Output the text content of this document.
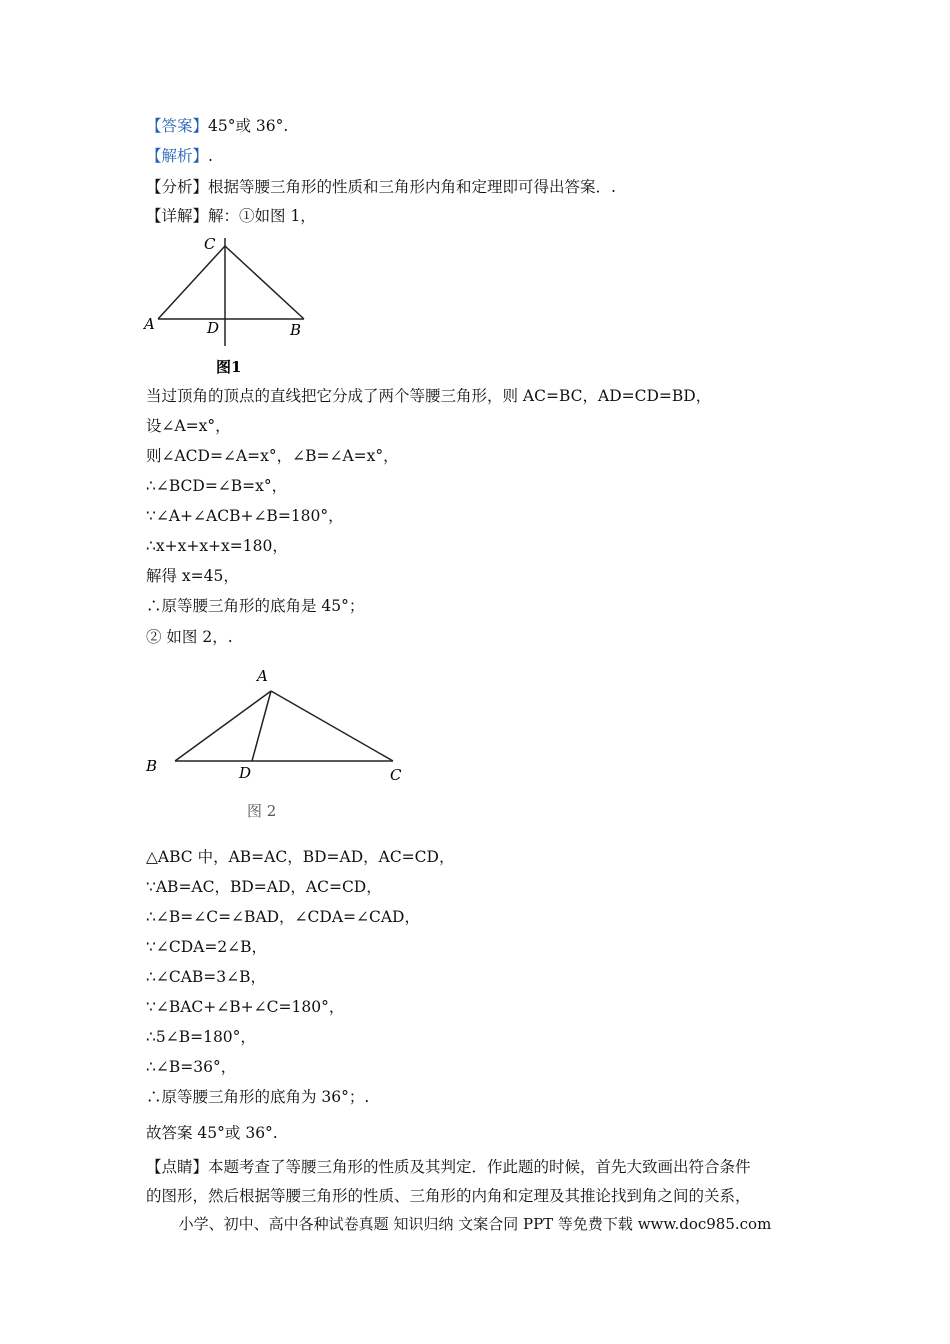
【答案】45°或 36°.
【解析】.
【分析】根据等腰三角形的性质和三角形内角和定理即可得出答案．.
【详解】解：①如图 1，
C
A	D	B
图1
当过顶角的顶点的直线把它分成了两个等腰三角形，则 AC=BC，AD=CD=BD，
设∠A=x°，
则∠ACD=∠A=x°，∠B=∠A=x°，
∴∠BCD=∠B=x°，
∵∠A+∠ACB+∠B=180°，
∴x+x+x+x=180，
解得 x=45，
∴原等腰三角形的底角是 45°；
② 如图 2，.
A
B	D	C
图 2
△ABC 中，AB=AC，BD=AD，AC=CD，
∵AB=AC，BD=AD，AC=CD，
∴∠B=∠C=∠BAD，∠CDA=∠CAD，
∵∠CDA=2∠B，
∴∠CAB=3∠B，
∵∠BAC+∠B+∠C=180°，
∴5∠B=180°，
∴∠B=36°，
∴原等腰三角形的底角为 36°；.
故答案 45°或 36°.
【点睛】本题考查了等腰三角形的性质及其判定．作此题的时候，首先大致画出符合条件
的图形，然后根据等腰三角形的性质、三角形的内角和定理及其推论找到角之间的关系，
小学、初中、高中各种试卷真题 知识归纳 文案合同 PPT 等免费下载 www.doc985.com
